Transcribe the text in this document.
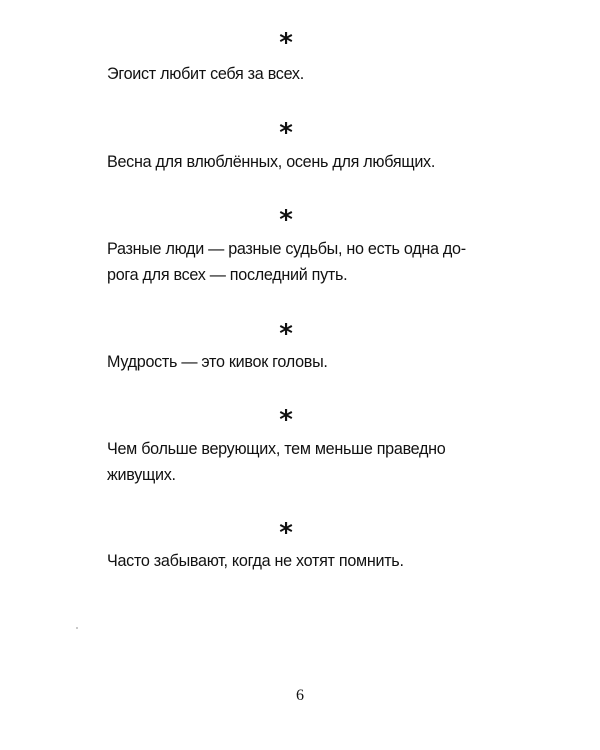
*

Эгоист любит себя за всех.

*

Весна для влюблённых, осень для любящих.

*

Разные люди — разные судьбы, но есть одна до-
рога для всех — последний путь.

*

Мудрость — это кивок головы.

*

Чем больше верующих, тем меньше праведно
живущих.

*

Часто забывают, когда не хотят помнить.

6
